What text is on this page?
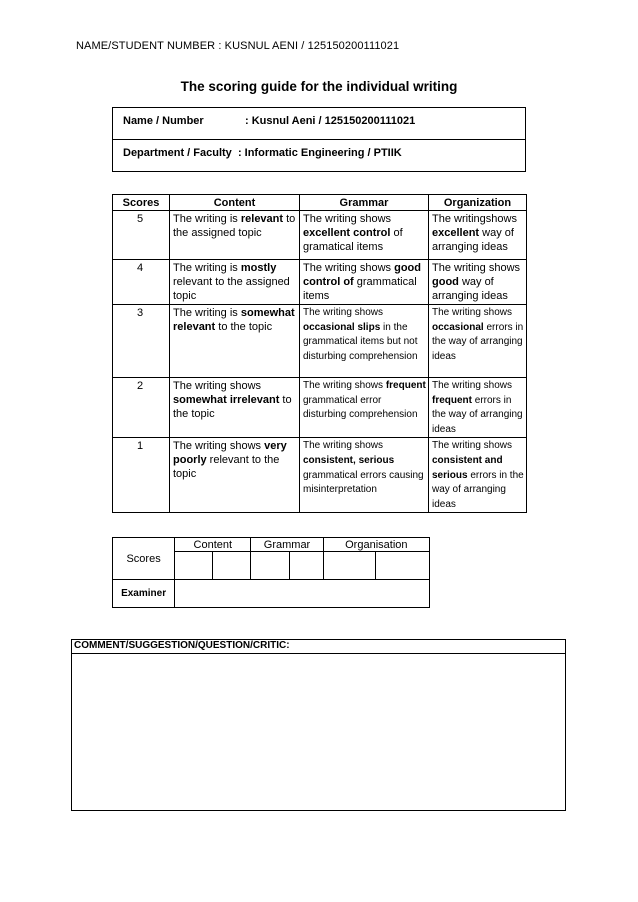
NAME/STUDENT NUMBER : KUSNUL AENI / 125150200111021
The scoring guide for the individual writing
Name / Number	: Kusnul Aeni / 125150200111021
Department / Faculty : Informatic Engineering / PTIIK
Scores	Content	Grammar	Organization
5	The writing is relevant to the assigned topic	The writing shows excellent control of gramatical items	The writingshows excellent way of arranging ideas
4	The writing is mostly relevant to the assigned topic	The writing shows good control of grammatical items	The writing shows good way of arranging ideas
3	The writing is somewhat relevant to the topic	The writing shows occasional slips in the grammatical items but not disturbing comprehension	The writing shows occasional errors in the way of arranging ideas
2	The writing shows somewhat irrelevant to the topic	The writing shows frequent grammatical error disturbing comprehension	The writing shows frequent errors in the way of arranging ideas
1	The writing shows very poorly relevant to the topic	The writing shows consistent, serious grammatical errors causing misinterpretation	The writing shows consistent and serious errors in the way of arranging ideas
Scores	Content		Grammar		Organisation	

Examiner						
COMMENT/SUGGESTION/QUESTION/CRITIC:
